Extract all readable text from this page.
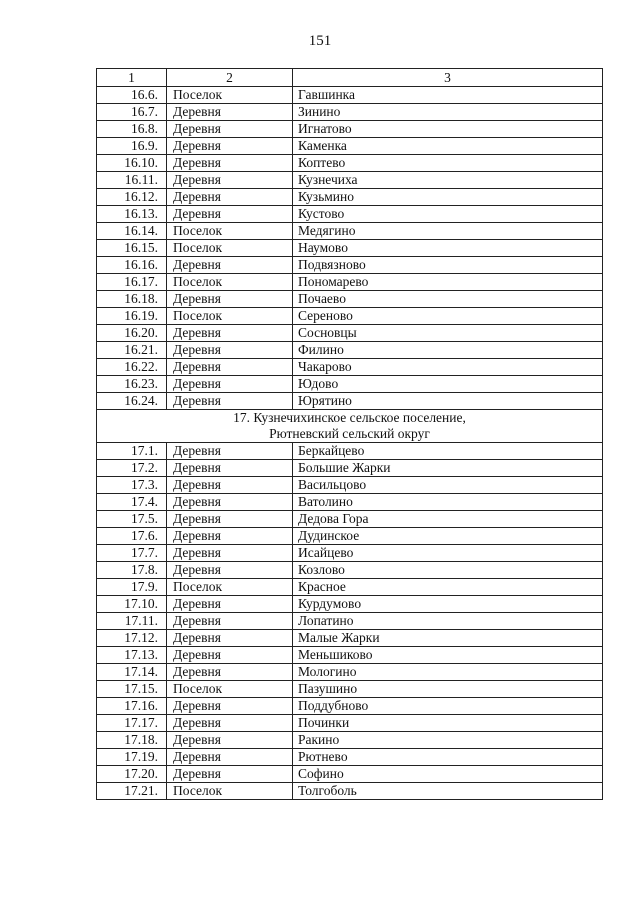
151
1	2	3
16.6.	Поселок	Гавшинка
16.7.	Деревня	Зинино
16.8.	Деревня	Игнатово
16.9.	Деревня	Каменка
16.10.	Деревня	Коптево
16.11.	Деревня	Кузнечиха
16.12.	Деревня	Кузьмино
16.13.	Деревня	Кустово
16.14.	Поселок	Медягино
16.15.	Поселок	Наумово
16.16.	Деревня	Подвязново
16.17.	Поселок	Пономарево
16.18.	Деревня	Почаево
16.19.	Поселок	Сереново
16.20.	Деревня	Сосновцы
16.21.	Деревня	Филино
16.22.	Деревня	Чакарово
16.23.	Деревня	Юдово
16.24.	Деревня	Юрятино

17. Кузнечихинское сельское поселение,
Рютневский сельский округ		

17.1.	Деревня	Беркайцево
17.2.	Деревня	Большие Жарки
17.3.	Деревня	Васильцово
17.4.	Деревня	Ватолино
17.5.	Деревня	Дедова Гора
17.6.	Деревня	Дудинское
17.7.	Деревня	Исайцево
17.8.	Деревня	Козлово
17.9.	Поселок	Красное
17.10.	Деревня	Курдумово
17.11.	Деревня	Лопатино
17.12.	Деревня	Малые Жарки
17.13.	Деревня	Меньшиково
17.14.	Деревня	Мологино
17.15.	Поселок	Пазушино
17.16.	Деревня	Поддубново
17.17.	Деревня	Починки
17.18.	Деревня	Ракино
17.19.	Деревня	Рютнево
17.20.	Деревня	Софино
17.21.	Поселок	Толгоболь
